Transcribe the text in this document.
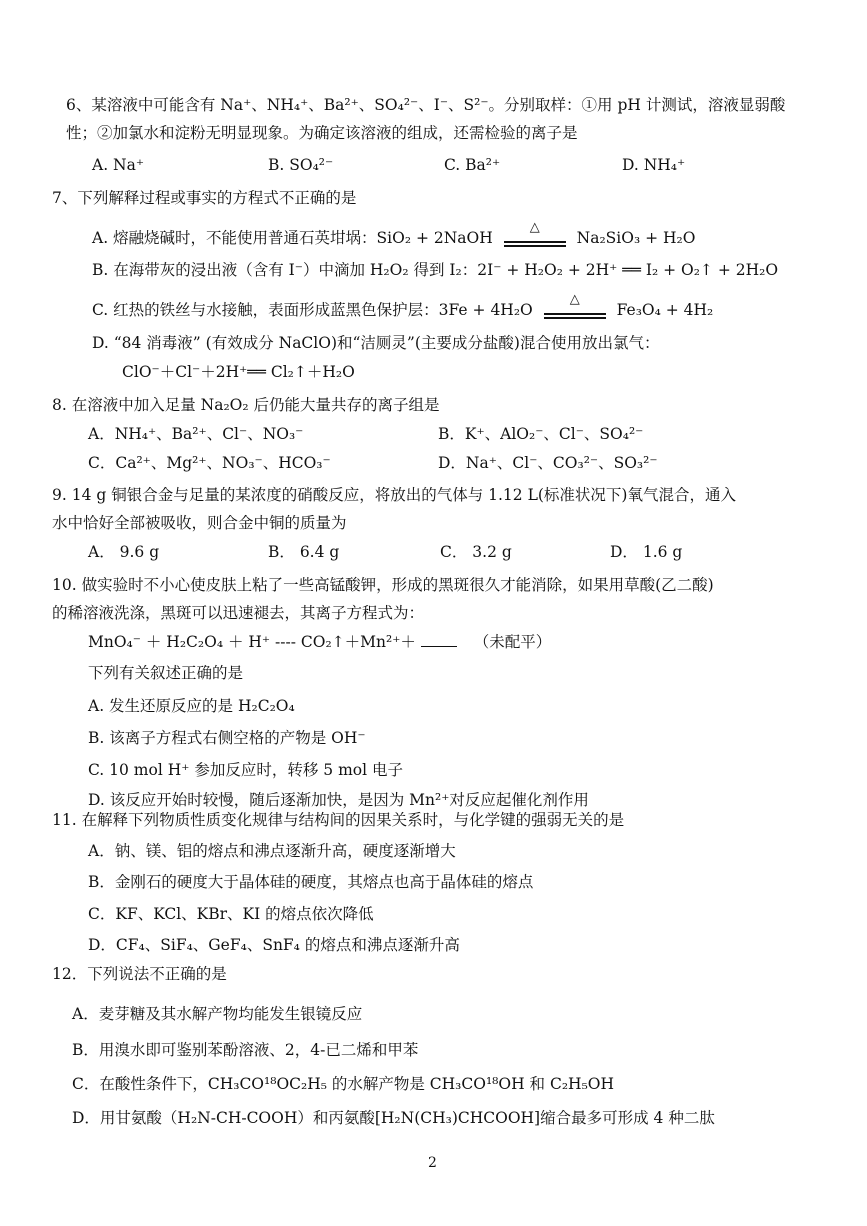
6、某溶液中可能含有 Na⁺、NH₄⁺、Ba²⁺、SO₄²⁻、I⁻、S²⁻。分别取样：①用 pH 计测试，溶液显弱酸
性；②加氯水和淀粉无明显现象。为确定该溶液的组成，还需检验的离子是
A. Na⁺	B. SO₄²⁻	C. Ba²⁺	D. NH₄⁺
7、下列解释过程或事实的方程式不正确的是
A. 熔融烧碱时，不能使用普通石英坩埚：SiO₂ + 2NaOH
△
Na₂SiO₃ + H₂O
B. 在海带灰的浸出液（含有 I⁻）中滴加 H₂O₂ 得到 I₂：2I⁻ + H₂O₂ + 2H⁺ ══ I₂ + O₂↑ + 2H₂O
C. 红热的铁丝与水接触，表面形成蓝黑色保护层：3Fe + 4H₂O
△
Fe₃O₄ + 4H₂
D. “84 消毒液” (有效成分 NaClO)和“洁厕灵”(主要成分盐酸)混合使用放出氯气：
ClO⁻＋Cl⁻＋2H⁺══ Cl₂↑＋H₂O
8. 在溶液中加入足量 Na₂O₂ 后仍能大量共存的离子组是
A．NH₄⁺、Ba²⁺、Cl⁻、NO₃⁻	B．K⁺、AlO₂⁻、Cl⁻、SO₄²⁻
C．Ca²⁺、Mg²⁺、NO₃⁻、HCO₃⁻	D．Na⁺、Cl⁻、CO₃²⁻、SO₃²⁻
9. 14 g 铜银合金与足量的某浓度的硝酸反应，将放出的气体与 1.12 L(标准状况下)氧气混合，通入
水中恰好全部被吸收，则合金中铜的质量为
A． 9.6 g	B． 6.4 g	C． 3.2 g	D． 1.6 g
10. 做实验时不小心使皮肤上粘了一些高锰酸钾，形成的黑斑很久才能消除，如果用草酸(乙二酸)
的稀溶液洗涤，黑斑可以迅速褪去，其离子方程式为：
MnO₄⁻ ＋ H₂C₂O₄ ＋ H⁺ ---- CO₂↑＋Mn²⁺＋	（未配平）
下列有关叙述正确的是
A. 发生还原反应的是 H₂C₂O₄
B. 该离子方程式右侧空格的产物是 OH⁻
C. 10 mol H⁺ 参加反应时，转移 5 mol 电子
D. 该反应开始时较慢，随后逐渐加快，是因为 Mn²⁺对反应起催化剂作用
11. 在解释下列物质性质变化规律与结构间的因果关系时，与化学键的强弱无关的是
A．钠、镁、铝的熔点和沸点逐渐升高，硬度逐渐增大
B．金刚石的硬度大于晶体硅的硬度，其熔点也高于晶体硅的熔点
C．KF、KCl、KBr、KI 的熔点依次降低
D．CF₄、SiF₄、GeF₄、SnF₄ 的熔点和沸点逐渐升高
12．下列说法不正确的是
A．麦芽糖及其水解产物均能发生银镜反应
B．用溴水即可鉴别苯酚溶液、2，4-已二烯和甲苯
C．在酸性条件下，CH₃CO¹⁸OC₂H₅ 的水解产物是 CH₃CO¹⁸OH 和 C₂H₅OH
D．用甘氨酸（H₂N-CH-COOH）和丙氨酸[H₂N(CH₃)CHCOOH]缩合最多可形成 4 种二肽
2
